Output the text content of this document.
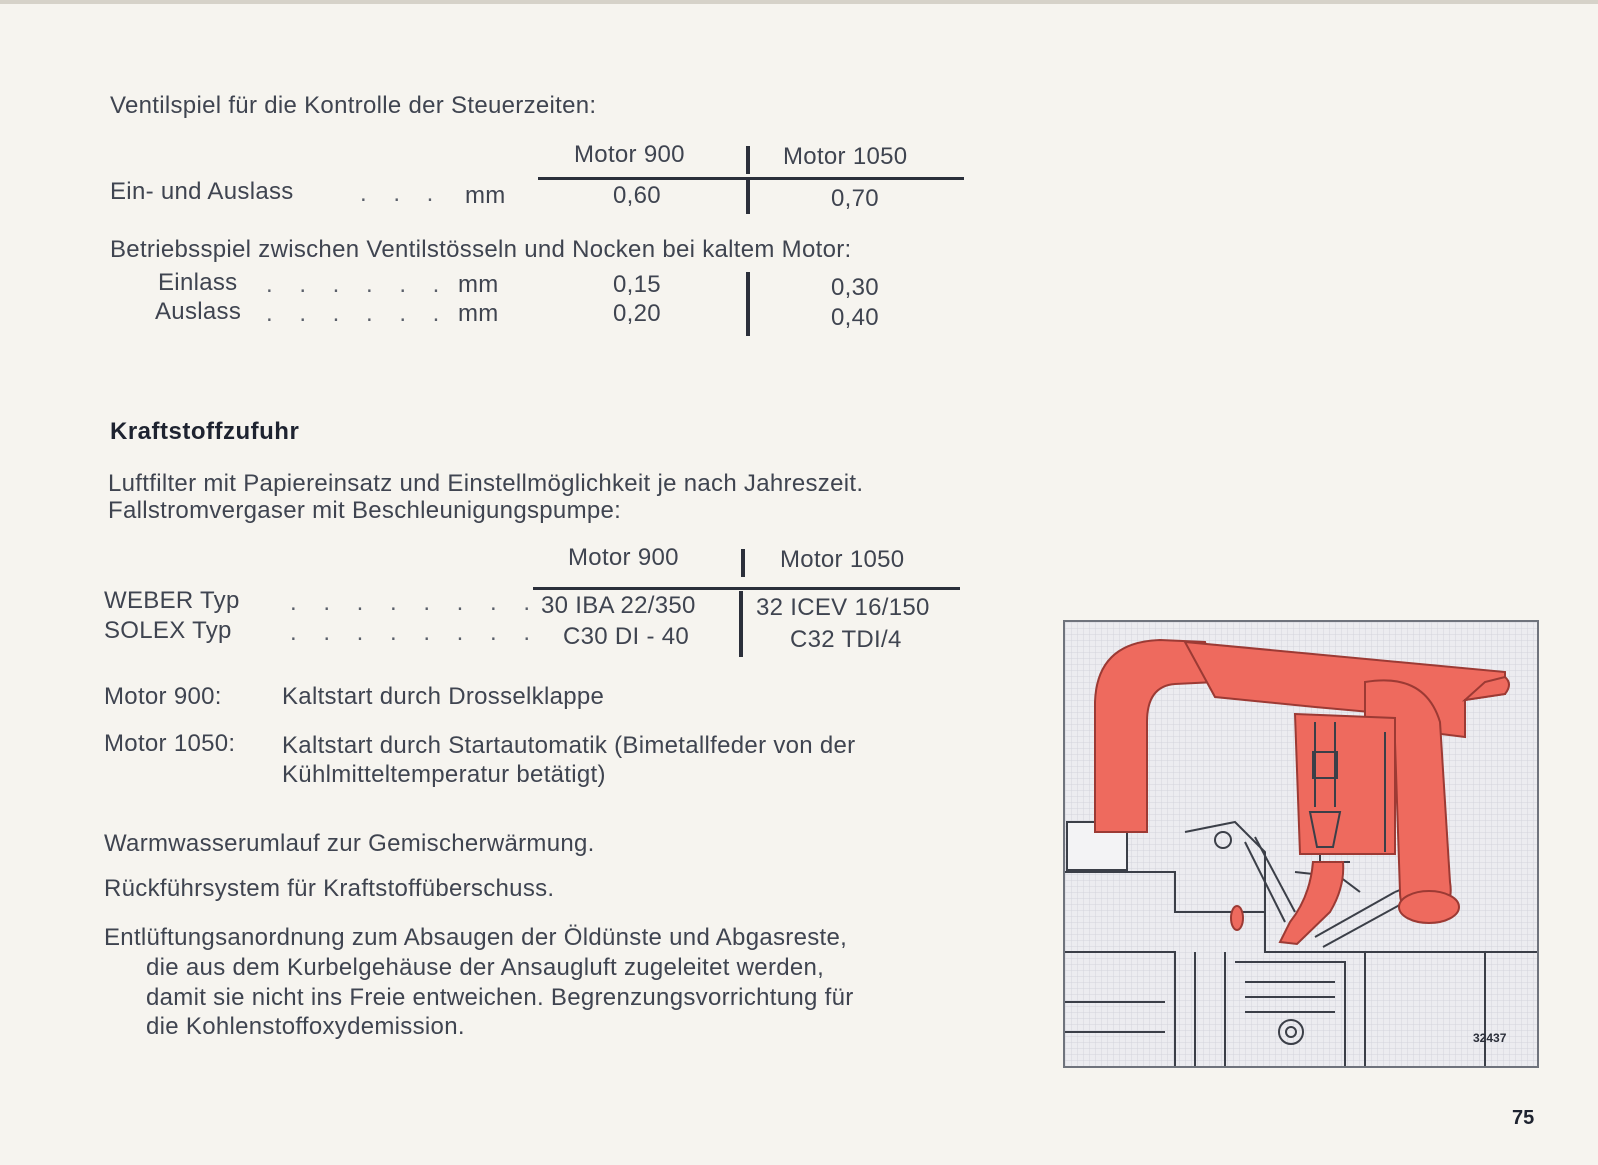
Ventilspiel für die Kontrolle der Steuerzeiten:
Motor 900	Motor 1050
Ein- und Auslass	. . . mm	0,60	0,70
Betriebsspiel zwischen Ventilstösseln und Nocken bei kaltem Motor:
Einlass . . . . . . mm	0,15	0,30
Auslass . . . . . . mm	0,20	0,40
Kraftstoffzufuhr
Luftfilter mit Papiereinsatz und Einstellmöglichkeit je nach Jahreszeit.
Fallstromvergaser mit Beschleunigungspumpe:
Motor 900	Motor 1050
WEBER Typ . . . . . . . . 30 IBA 22/350	32 ICEV 16/150
SOLEX Typ . . . . . . . . C30 DI - 40	C32 TDI/4
Motor 900:	Kaltstart durch Drosselklappe
Motor 1050: Kaltstart durch Startautomatik (Bimetallfeder von der
Kühlmitteltemperatur betätigt)
Warmwasserumlauf zur Gemischerwärmung.
Rückführsystem für Kraftstoffüberschuss.
Entlüftungsanordnung zum Absaugen der Öldünste und Abgasreste,
die aus dem Kurbelgehäuse der Ansaugluft zugeleitet werden,
damit sie nicht ins Freie entweichen. Begrenzungsvorrichtung für
die Kohlenstoffoxydemission.	32437
75
